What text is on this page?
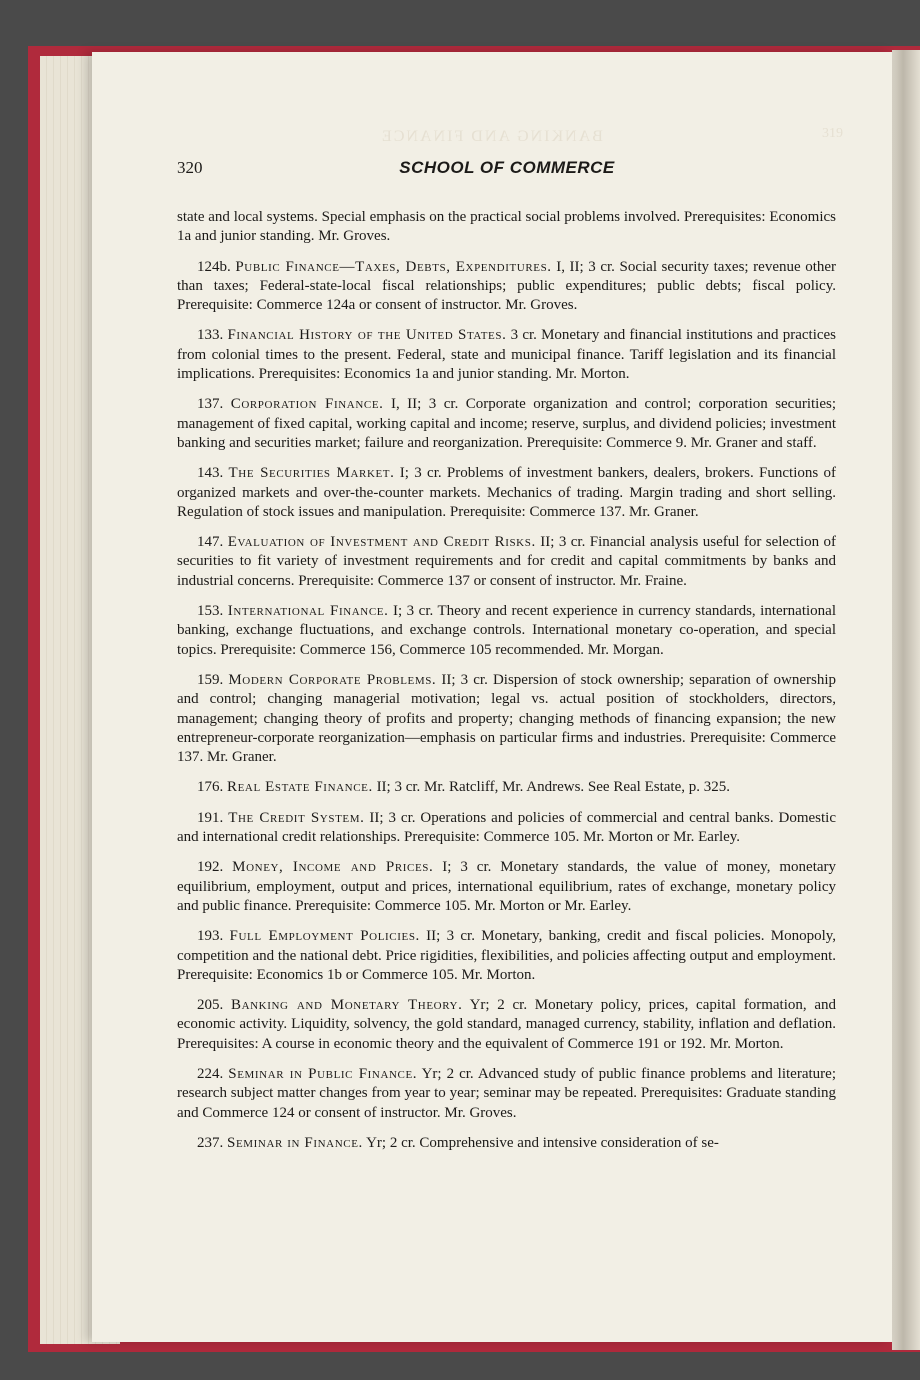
BANKING AND FINANCE	319
320	SCHOOL OF COMMERCE

state and local systems. Special emphasis on the practical social problems involved. Prerequisites: Economics 1a and junior standing. Mr. Groves.

124b. Public Finance—Taxes, Debts, Expenditures. I, II; 3 cr. Social security taxes; revenue other than taxes; Federal-state-local fiscal relationships; public expenditures; public debts; fiscal policy. Prerequisite: Commerce 124a or consent of instructor. Mr. Groves.

133. Financial History of the United States. 3 cr. Monetary and financial institutions and practices from colonial times to the present. Federal, state and municipal finance. Tariff legislation and its financial implications. Prerequisites: Economics 1a and junior standing. Mr. Morton.

137. Corporation Finance. I, II; 3 cr. Corporate organization and control; corporation securities; management of fixed capital, working capital and income; reserve, surplus, and dividend policies; investment banking and securities market; failure and reorganization. Prerequisite: Commerce 9. Mr. Graner and staff.

143. The Securities Market. I; 3 cr. Problems of investment bankers, dealers, brokers. Functions of organized markets and over-the-counter markets. Mechanics of trading. Margin trading and short selling. Regulation of stock issues and manipulation. Prerequisite: Commerce 137. Mr. Graner.

147. Evaluation of Investment and Credit Risks. II; 3 cr. Financial analysis useful for selection of securities to fit variety of investment requirements and for credit and capital commitments by banks and industrial concerns. Prerequisite: Commerce 137 or consent of instructor. Mr. Fraine.

153. International Finance. I; 3 cr. Theory and recent experience in currency standards, international banking, exchange fluctuations, and exchange controls. International monetary co-operation, and special topics. Prerequisite: Commerce 156, Commerce 105 recommended. Mr. Morgan.

159. Modern Corporate Problems. II; 3 cr. Dispersion of stock ownership; separation of ownership and control; changing managerial motivation; legal vs. actual position of stockholders, directors, management; changing theory of profits and property; changing methods of financing expansion; the new entrepreneur-corporate reorganization—emphasis on particular firms and industries. Prerequisite: Commerce 137. Mr. Graner.

176. Real Estate Finance. II; 3 cr. Mr. Ratcliff, Mr. Andrews. See Real Estate, p. 325.

191. The Credit System. II; 3 cr. Operations and policies of commercial and central banks. Domestic and international credit relationships. Prerequisite: Commerce 105. Mr. Morton or Mr. Earley.

192. Money, Income and Prices. I; 3 cr. Monetary standards, the value of money, monetary equilibrium, employment, output and prices, international equilibrium, rates of exchange, monetary policy and public finance. Prerequisite: Commerce 105. Mr. Morton or Mr. Earley.

193. Full Employment Policies. II; 3 cr. Monetary, banking, credit and fiscal policies. Monopoly, competition and the national debt. Price rigidities, flexibilities, and policies affecting output and employment. Prerequisite: Economics 1b or Commerce 105. Mr. Morton.

205. Banking and Monetary Theory. Yr; 2 cr. Monetary policy, prices, capital formation, and economic activity. Liquidity, solvency, the gold standard, managed currency, stability, inflation and deflation. Prerequisites: A course in economic theory and the equivalent of Commerce 191 or 192. Mr. Morton.

224. Seminar in Public Finance. Yr; 2 cr. Advanced study of public finance problems and literature; research subject matter changes from year to year; seminar may be repeated. Prerequisites: Graduate standing and Commerce 124 or consent of instructor. Mr. Groves.

237. Seminar in Finance. Yr; 2 cr. Comprehensive and intensive consideration of se-
